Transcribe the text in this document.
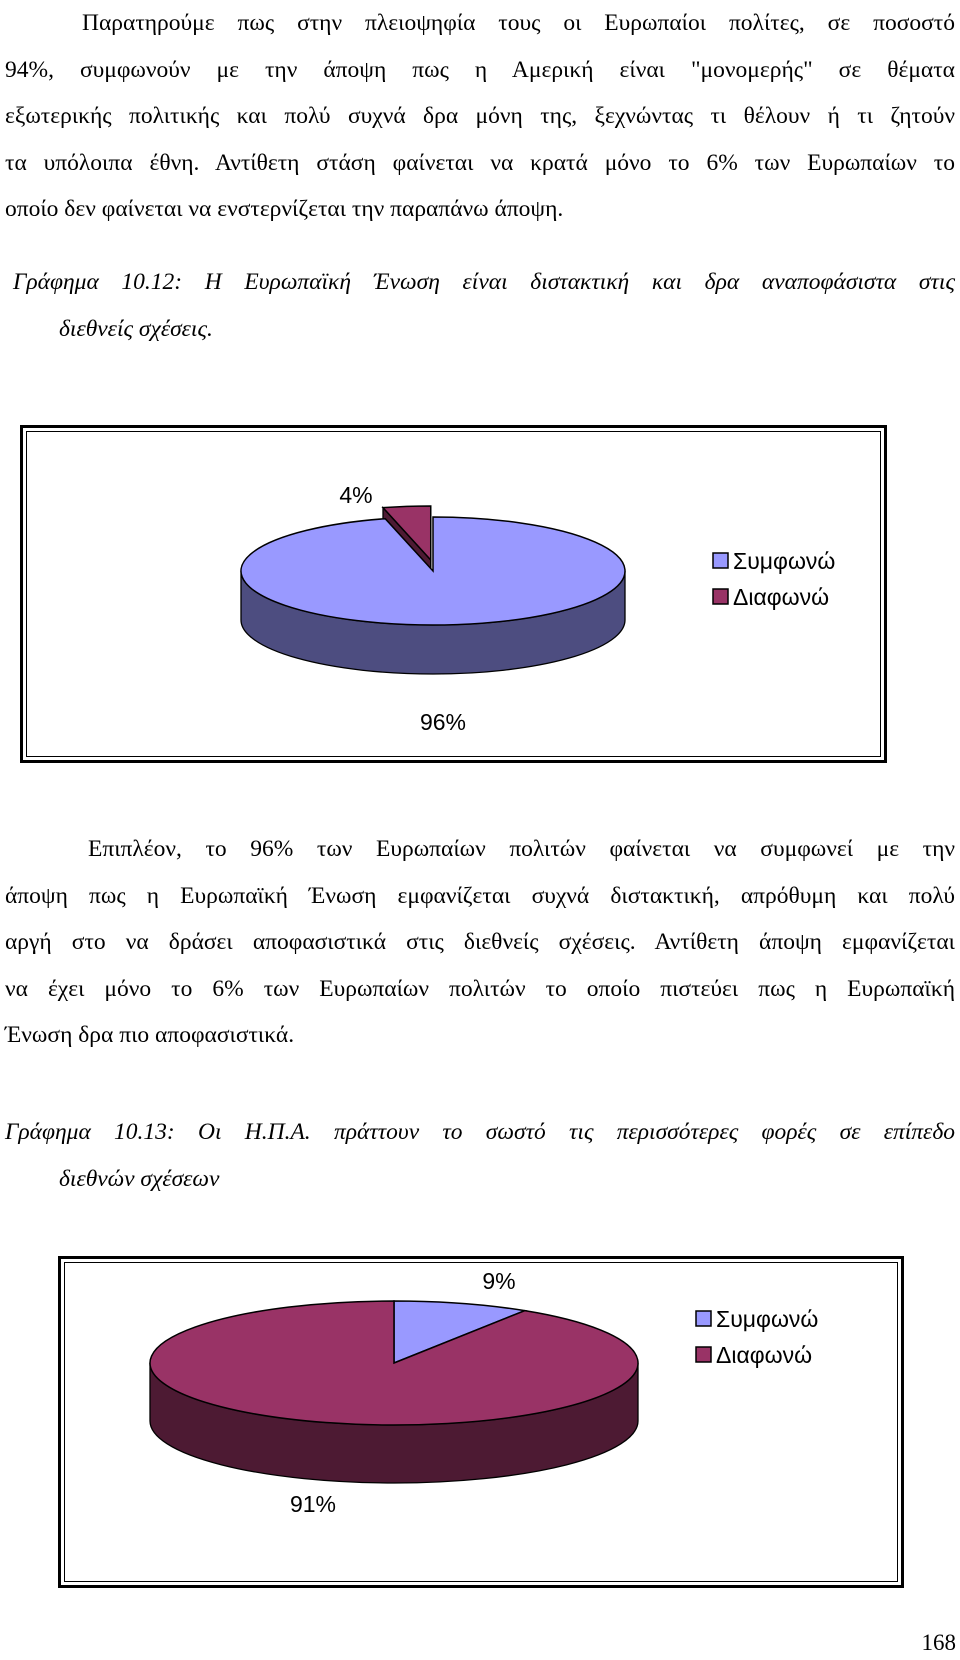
Παρατηρούμε πως στην πλειοψηφία τους οι Ευρωπαίοι πολίτες, σε ποσοστό
94%, συμφωνούν με την άποψη πως η Αμερική είναι "μονομερής" σε θέματα
εξωτερικής πολιτικής και πολύ συχνά δρα μόνη της, ξεχνώντας τι θέλουν ή τι ζητούν
τα υπόλοιπα έθνη. Αντίθετη στάση φαίνεται να κρατά μόνο το 6% των Ευρωπαίων το
οποίο δεν φαίνεται να ενστερνίζεται την παραπάνω άποψη.
Γράφημα 10.12: Η Ευρωπαϊκή Ένωση είναι διστακτική και δρα αναποφάσιστα στις
διεθνείς σχέσεις.
96%
4%
Συμφωνώ
Διαφωνώ
Επιπλέον, το 96% των Ευρωπαίων πολιτών φαίνεται να συμφωνεί με την
άποψη πως η Ευρωπαϊκή Ένωση εμφανίζεται συχνά διστακτική, απρόθυμη και πολύ
αργή στο να δράσει αποφασιστικά στις διεθνείς σχέσεις. Αντίθετη άποψη εμφανίζεται
να έχει μόνο το 6% των Ευρωπαίων πολιτών το οποίο πιστεύει πως η Ευρωπαϊκή
Ένωση δρα πιο αποφασιστικά.
Γράφημα 10.13: Οι Η.Π.Α. πράττουν το σωστό τις περισσότερες φορές σε επίπεδο
διεθνών σχέσεων
9%
91%
Συμφωνώ
Διαφωνώ
168
